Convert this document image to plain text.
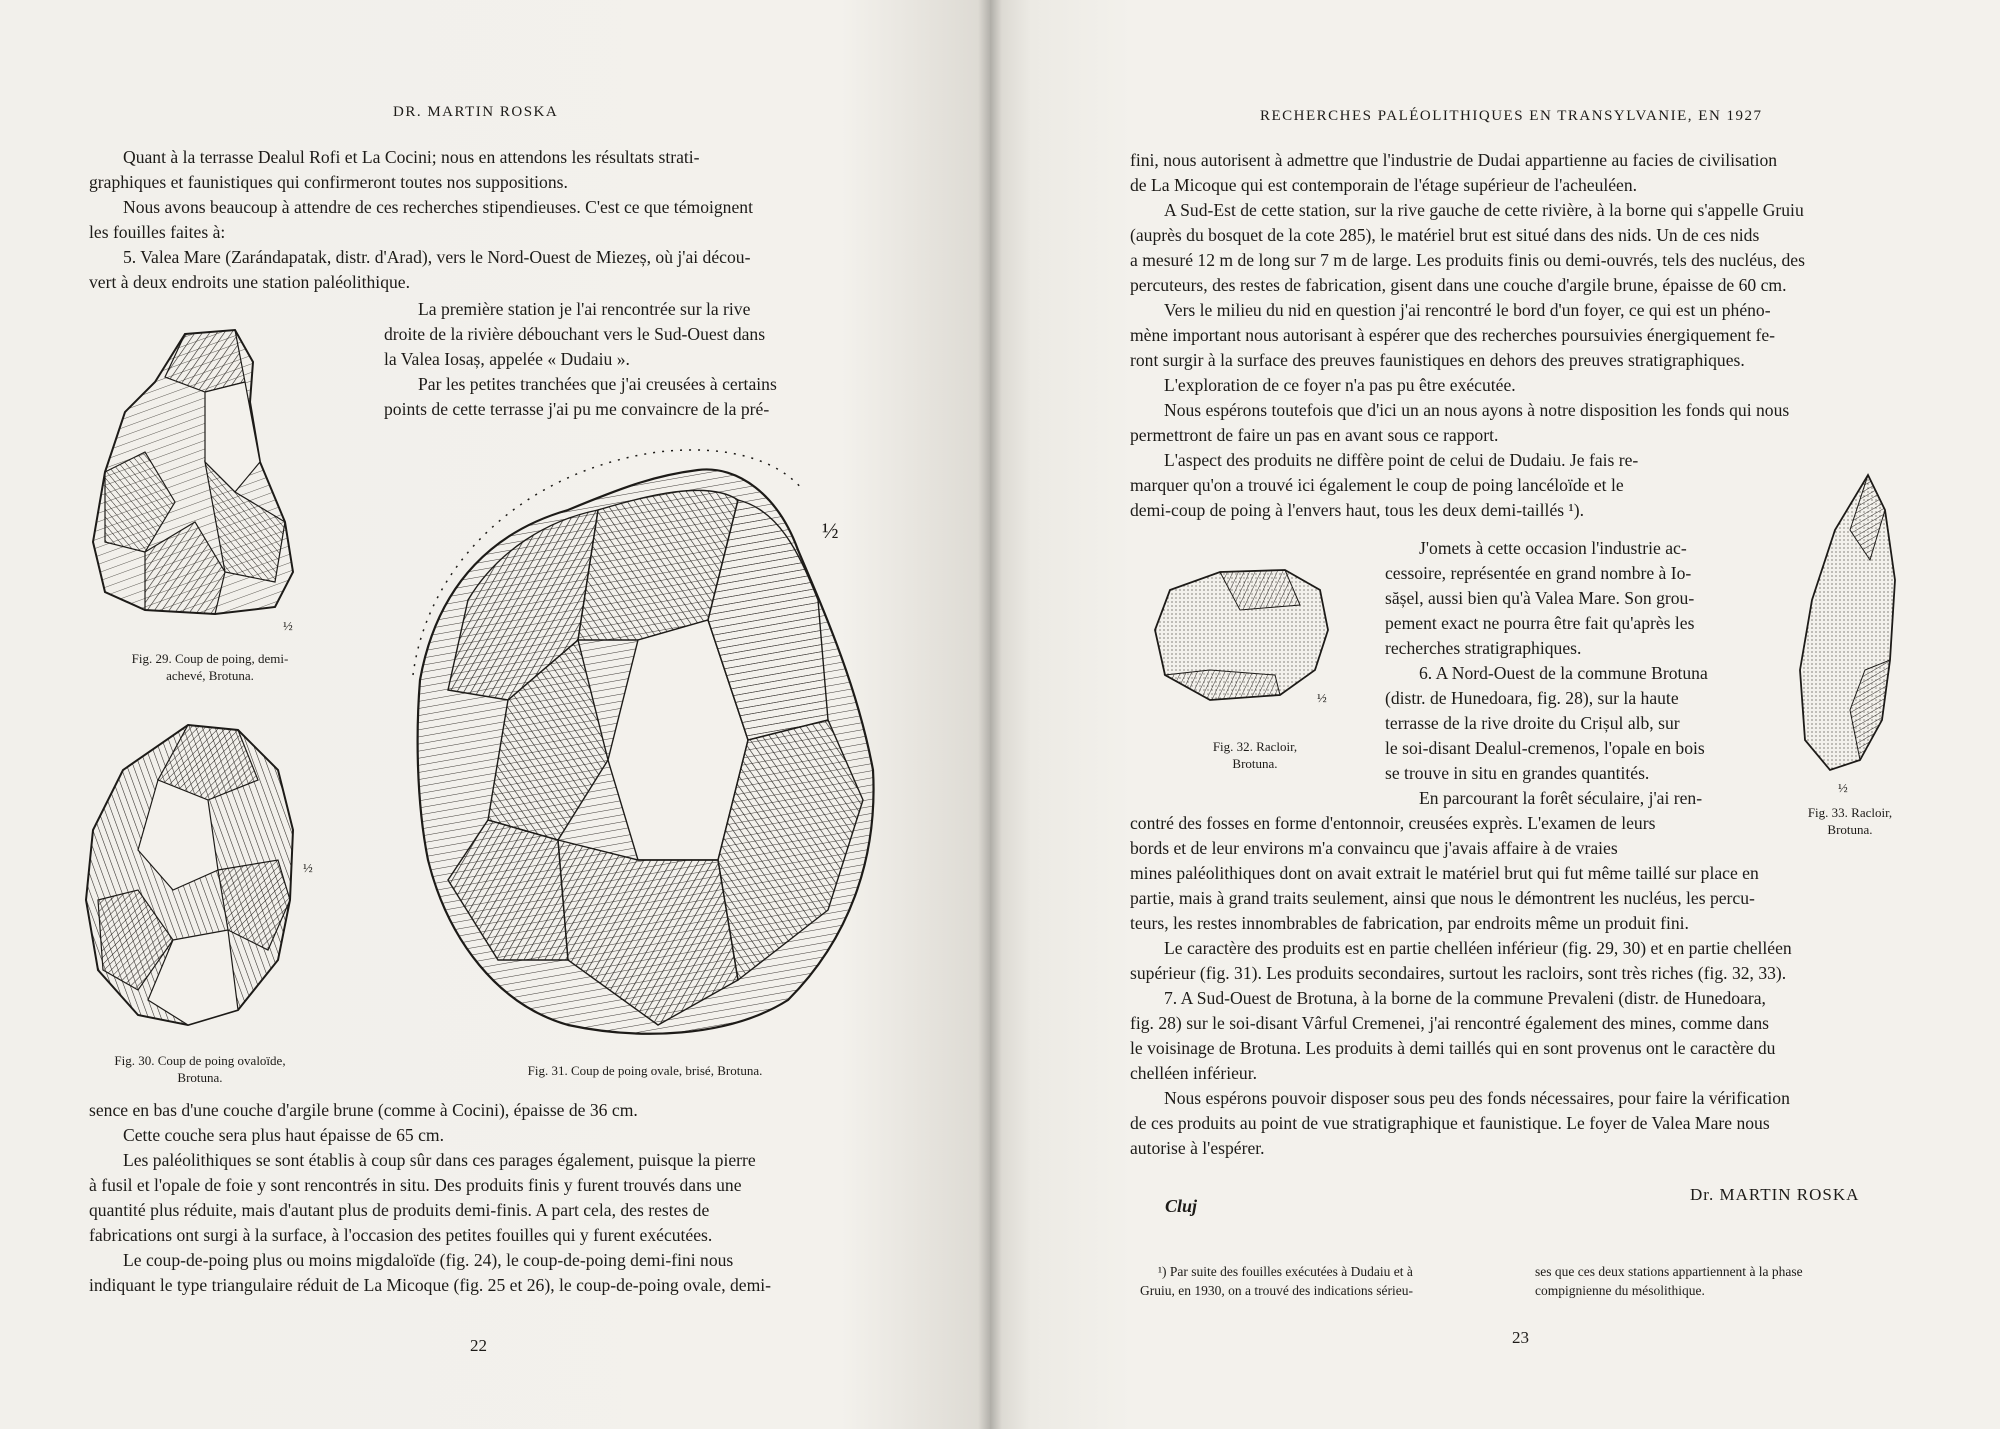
DR. MARTIN ROSKA

Quant à la terrasse Dealul Rofi et La Cocini; nous en attendons les résultats strati-

graphiques et faunistiques qui confirmeront toutes nos suppositions.

Nous avons beaucoup à attendre de ces recherches stipendieuses. C'est ce que témoignent

les fouilles faites à:

5. Valea Mare (Zarándapatak, distr. d'Arad), vers le Nord-Ouest de Miezeș, où j'ai décou-

vert à deux endroits une station paléolithique.

La première station je l'ai rencontrée sur la rive

droite de la rivière débouchant vers le Sud-Ouest dans

la Valea Iosaș, appelée « Dudaiu ».

Par les petites tranchées que j'ai creusées à certains

points de cette terrasse j'ai pu me convaincre de la pré-

½
Fig. 29. Coup de poing, demi-
achevé, Brotuna.
½
Fig. 30. Coup de poing ovaloïde,
Brotuna.
½
Fig. 31. Coup de poing ovale, brisé, Brotuna.

sence en bas d'une couche d'argile brune (comme à Cocini), épaisse de 36 cm.

Cette couche sera plus haut épaisse de 65 cm.

Les paléolithiques se sont établis à coup sûr dans ces parages également, puisque la pierre

à fusil et l'opale de foie y sont rencontrés in situ. Des produits finis y furent trouvés dans une

quantité plus réduite, mais d'autant plus de produits demi-finis. A part cela, des restes de

fabrications ont surgi à la surface, à l'occasion des petites fouilles qui y furent exécutées.

Le coup-de-poing plus ou moins migdaloïde (fig. 24), le coup-de-poing demi-fini nous

indiquant le type triangulaire réduit de La Micoque (fig. 25 et 26), le coup-de-poing ovale, demi-

22
RECHERCHES PALÉOLITHIQUES EN TRANSYLVANIE, EN 1927

fini, nous autorisent à admettre que l'industrie de Dudai appartienne au facies de civilisation

de La Micoque qui est contemporain de l'étage supérieur de l'acheuléen.

A Sud-Est de cette station, sur la rive gauche de cette rivière, à la borne qui s'appelle Gruiu

(auprès du bosquet de la cote 285), le matériel brut est situé dans des nids. Un de ces nids

a mesuré 12 m de long sur 7 m de large. Les produits finis ou demi-ouvrés, tels des nucléus, des

percuteurs, des restes de fabrication, gisent dans une couche d'argile brune, épaisse de 60 cm.

Vers le milieu du nid en question j'ai rencontré le bord d'un foyer, ce qui est un phéno-

mène important nous autorisant à espérer que des recherches poursuivies énergiquement fe-

ront surgir à la surface des preuves faunistiques en dehors des preuves stratigraphiques.

L'exploration de ce foyer n'a pas pu être exécutée.

Nous espérons toutefois que d'ici un an nous ayons à notre disposition les fonds qui nous

permettront de faire un pas en avant sous ce rapport.

L'aspect des produits ne diffère point de celui de Dudaiu. Je fais re-

marquer qu'on a trouvé ici également le coup de poing lancéloïde et le

demi-coup de poing à l'envers haut, tous les deux demi-taillés ¹).

½
Fig. 32. Racloir,
Brotuna.

J'omets à cette occasion l'industrie ac-

cessoire, représentée en grand nombre à Io-

sășel, aussi bien qu'à Valea Mare. Son grou-

pement exact ne pourra être fait qu'après les

recherches stratigraphiques.

6. A Nord-Ouest de la commune Brotuna

(distr. de Hunedoara, fig. 28), sur la haute

terrasse de la rive droite du Crișul alb, sur

le soi-disant Dealul-cremenos, l'opale en bois

se trouve in situ en grandes quantités.

En parcourant la forêt séculaire, j'ai ren-

½
Fig. 33. Racloir,
Brotuna.

contré des fosses en forme d'entonnoir, creusées exprès. L'examen de leurs

bords et de leur environs m'a convaincu que j'avais affaire à de vraies

mines paléolithiques dont on avait extrait le matériel brut qui fut même taillé sur place en

partie, mais à grand traits seulement, ainsi que nous le démontrent les nucléus, les percu-

teurs, les restes innombrables de fabrication, par endroits même un produit fini.

Le caractère des produits est en partie chelléen inférieur (fig. 29, 30) et en partie chelléen

supérieur (fig. 31). Les produits secondaires, surtout les racloirs, sont très riches (fig. 32, 33).

7. A Sud-Ouest de Brotuna, à la borne de la commune Prevaleni (distr. de Hunedoara,

fig. 28) sur le soi-disant Vârful Cremenei, j'ai rencontré également des mines, comme dans

le voisinage de Brotuna. Les produits à demi taillés qui en sont provenus ont le caractère du

chelléen inférieur.

Nous espérons pouvoir disposer sous peu des fonds nécessaires, pour faire la vérification

de ces produits au point de vue stratigraphique et faunistique. Le foyer de Valea Mare nous

autorise à l'espérer.

Cluj
Dr. MARTIN ROSKA
¹) Par suite des fouilles exécutées à Dudaiu et à
Gruiu, en 1930, on a trouvé des indications sérieu-
ses que ces deux stations appartiennent à la phase
compignienne du mésolithique.
23
